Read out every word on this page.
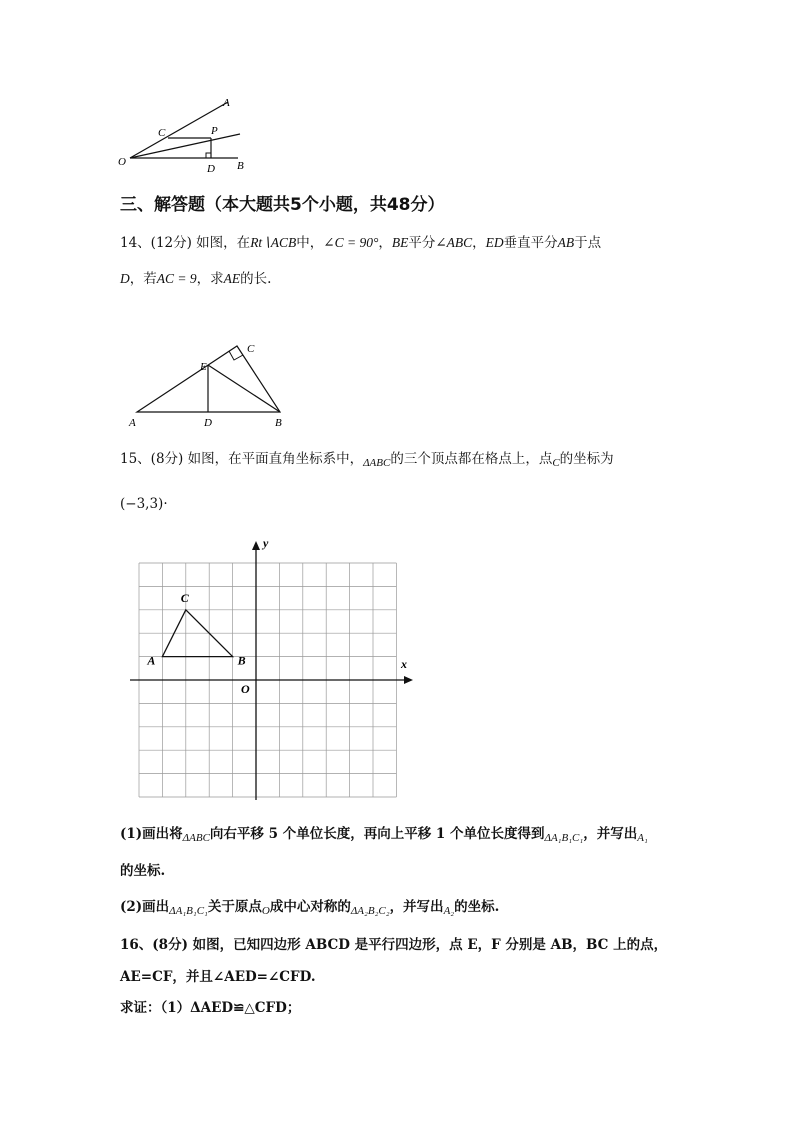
A
C	P
O
D B
三、解答题（本大题共5个小题，共48分）
14、(12分) 如图，在Rt∖ACB中，∠C = 90°，BE平分∠ABC，ED垂直平分AB于点
D，若AC = 9，求AE的长.
A
E
C
D	B
15、(8分) 如图，在平面直角坐标系中，$_{\Delta ABC}$的三个顶点都在格点上，点$_C$的坐标为
(−3,3)·
y
x
O
A	B
C
(1)画出将$_{\Delta ABC}$向右平移 5 个单位长度，再向上平移 1 个单位长度得到$_{\Delta A_1B_1C_1}$，并写出$_{A_1}$
的坐标.
(2)画出$_{\Delta A_1B_1C_1}$关于原点$_O$成中心对称的$_{\Delta A_2B_2C_2}$，并写出$_{A_2}$的坐标.
16、(8分) 如图，已知四边形 ABCD 是平行四边形，点 E，F 分别是 AB，BC 上的点，
AE=CF，并且∠AED=∠CFD.
求证：（1）ΔAED≌△CFD；
